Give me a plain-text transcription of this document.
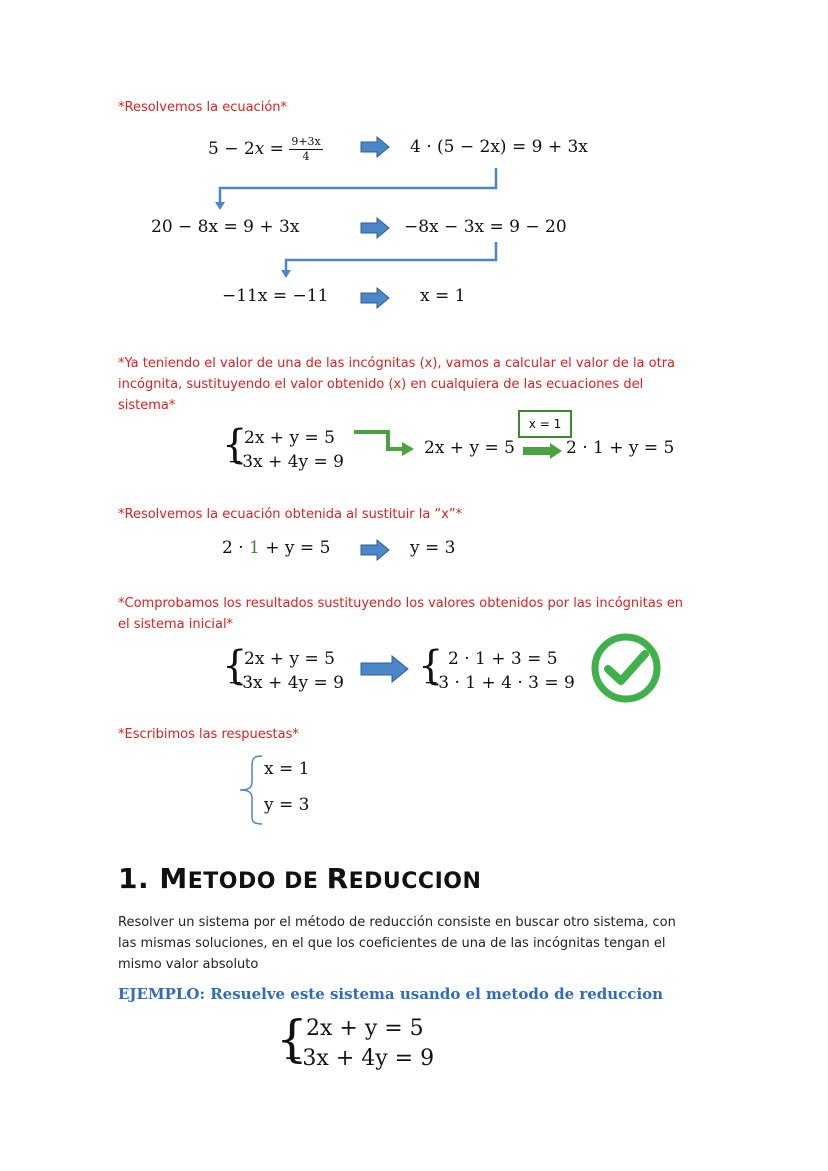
*Resolvemos la ecuación*
$5 - 2x = \frac{9+3x}{4}$	4 · (5 − 2x) = 9 + 3x
20 − 8x = 9 + 3x	−8x − 3x = 9 − 20
−11x = −11	x = 1
*Ya teniendo el valor de una de las incógnitas (x), vamos a calcular el valor de la otra incógnita, sustituyendo el valor obtenido (x) en cualquiera de las ecuaciones del sistema*
{
2x + y = 5
−3x + 4y = 9
2x + y = 5
x = 1
2 · 1 + y = 5
*Resolvemos la ecuación obtenida al sustituir la “x”*
2 · 1 + y = 5	y = 3
*Comprobamos los resultados sustituyendo los valores obtenidos por las incógnitas en el sistema inicial*
{
2x + y = 5
−3x + 4y = 9 { 2 · 1 + 3 = 5
−3 · 1 + 4 · 3 = 9
*Escribimos las respuestas*
x = 1
y = 3
1. METODO DE REDUCCION
Resolver un sistema por el método de reducción consiste en buscar otro sistema, con las mismas soluciones, en el que los coeficientes de una de las incógnitas tengan el mismo valor absoluto
EJEMPLO: Resuelve este sistema usando el metodo de reduccion
{
2x + y = 5
−3x + 4y = 9
